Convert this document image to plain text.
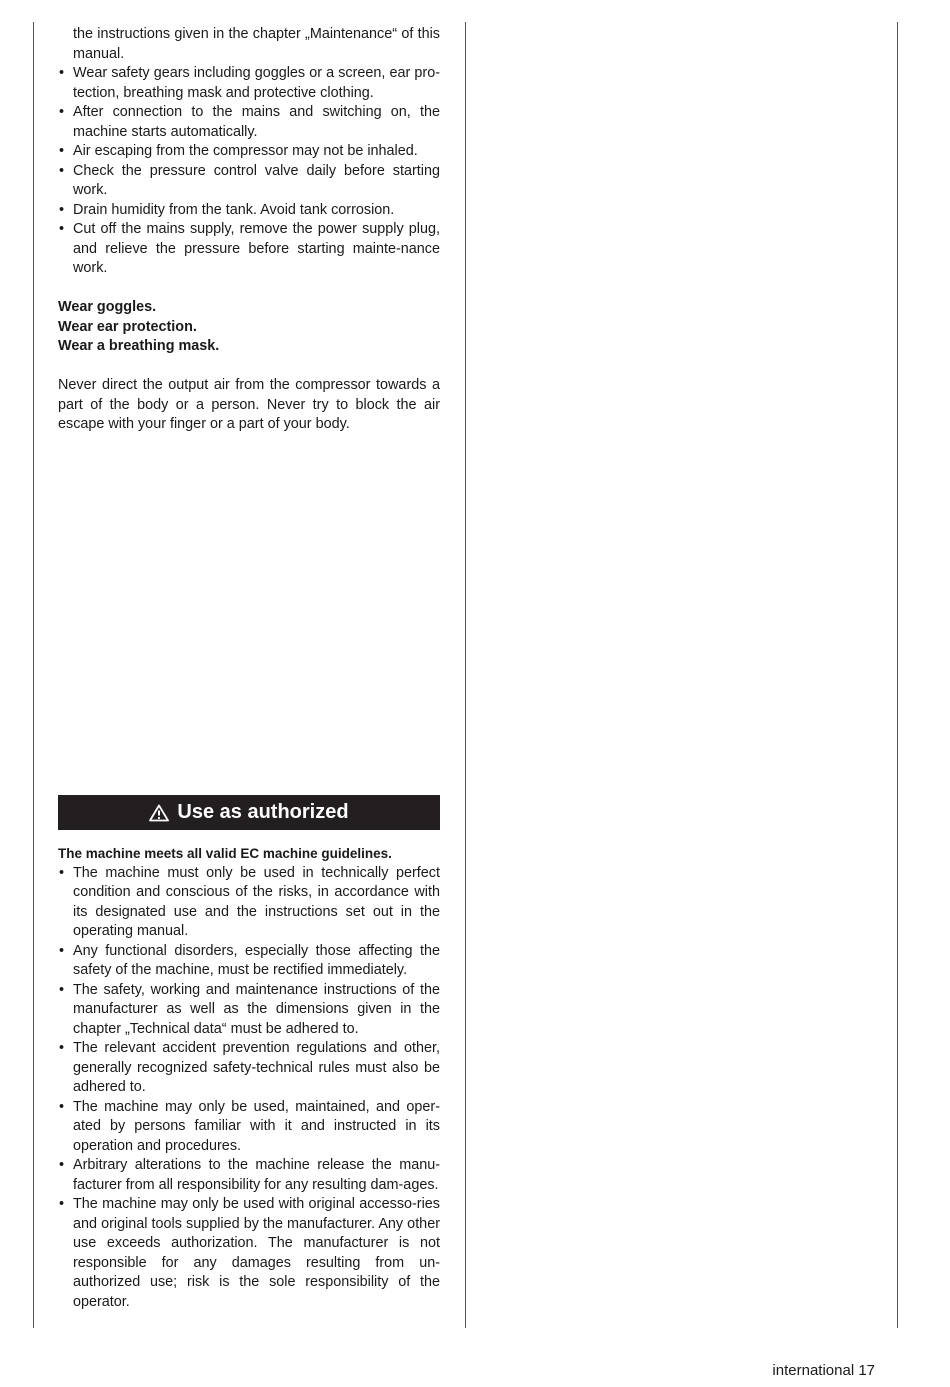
the instructions given in the chapter „Maintenance“ of this manual.
• Wear safety gears including goggles or a screen, ear pro-tection, breathing mask and protective clothing.
• After connection to the mains and switching on, the machine starts automatically.
• Air escaping from the compressor may not be inhaled.
• Check the pressure control valve daily before starting work.
• Drain humidity from the tank. Avoid tank corrosion.
• Cut off the mains supply, remove the power supply plug, and relieve the pressure before starting mainte-nance work.

Wear goggles.

Wear ear protection.

Wear a breathing mask.

Never direct the output air from the compressor towards a part of the body or a person. Never try to block the air escape with your finger or a part of your body.

Use as authorized

The machine meets all valid EC machine guidelines.

• The machine must only be used in technically perfect condition and conscious of the risks, in accordance with its designated use and the instructions set out in the operating manual.
• Any functional disorders, especially those affecting the safety of the machine, must be rectified immediately.
• The safety, working and maintenance instructions of the manufacturer as well as the dimensions given in the chapter „Technical data“ must be adhered to.
• The relevant accident prevention regulations and other, generally recognized safety-technical rules must also be adhered to.
• The machine may only be used, maintained, and oper-ated by persons familiar with it and instructed in its operation and procedures.
• Arbitrary alterations to the machine release the manu-facturer from all responsibility for any resulting dam-ages.
• The machine may only be used with original accesso-ries and original tools supplied by the manufacturer. Any other use exceeds authorization. The manufacturer is not responsible for any damages resulting from un-authorized use; risk is the sole responsibility of the operator.
international 17
